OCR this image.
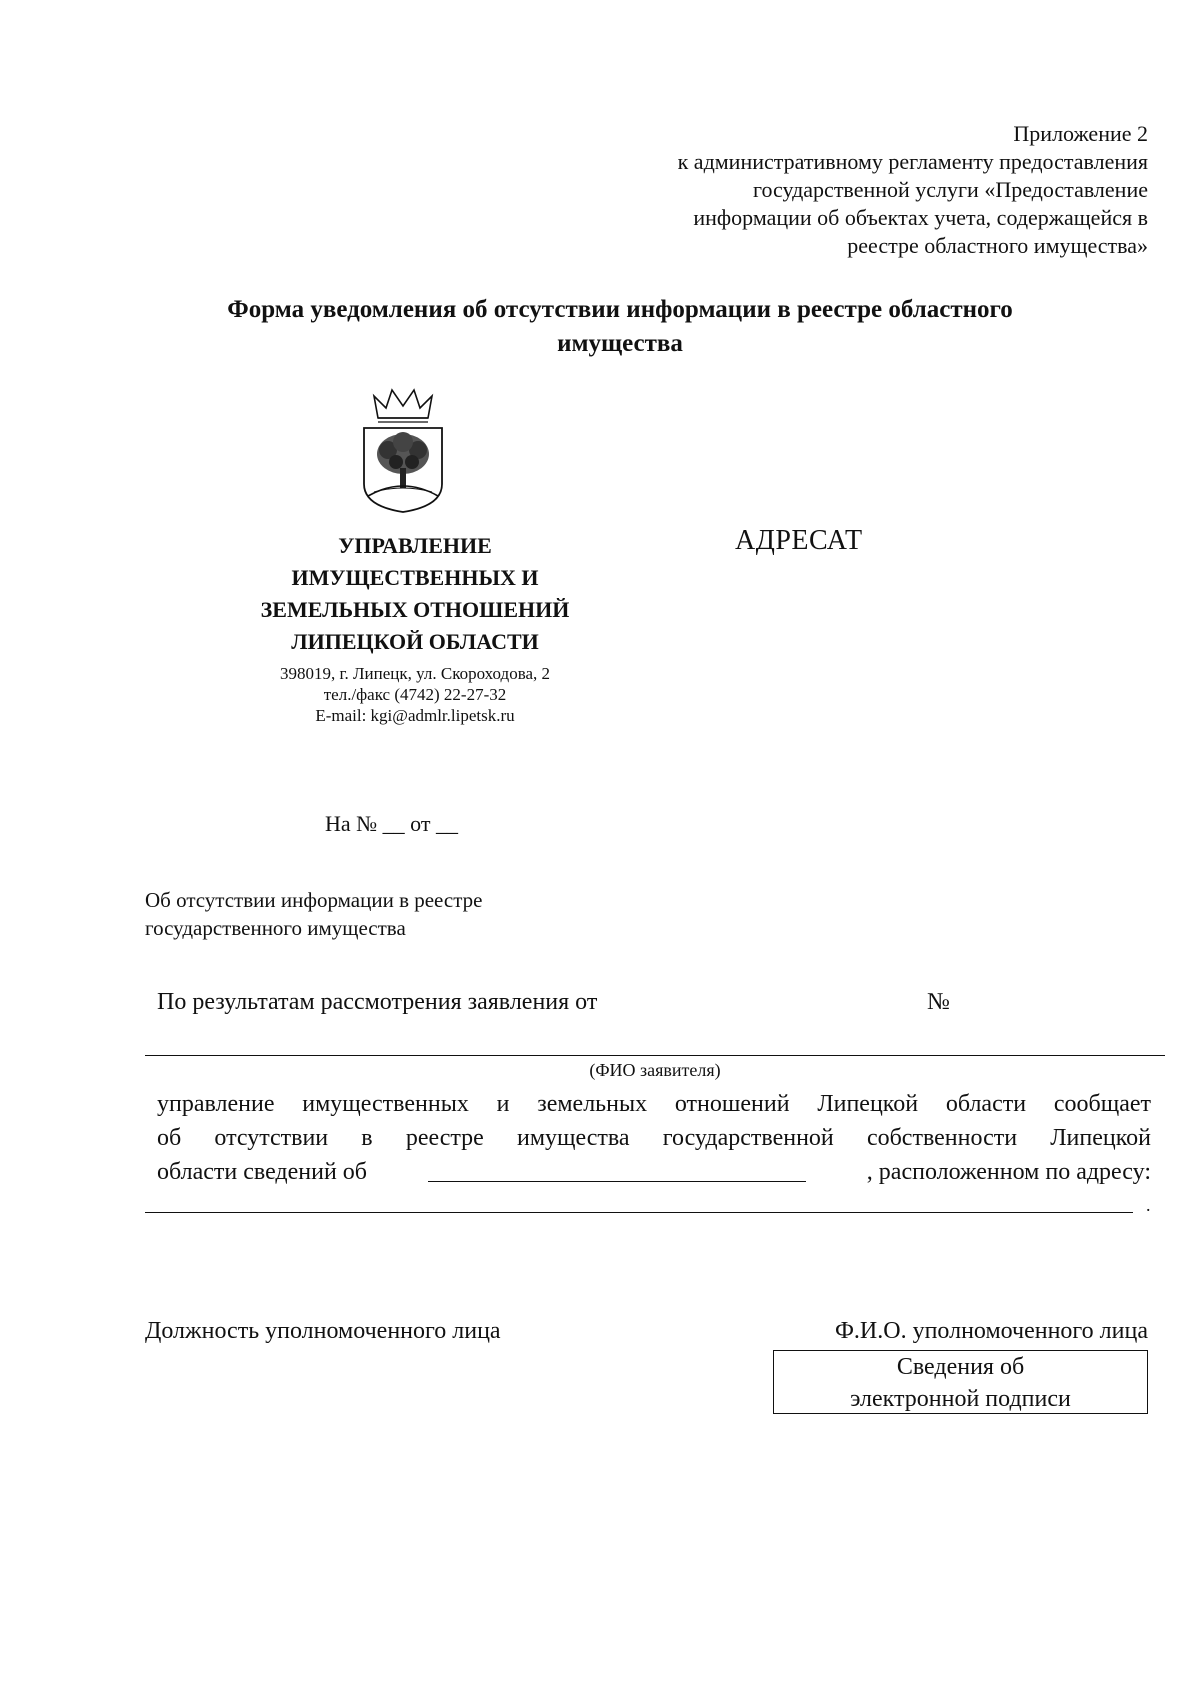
Приложение 2
к административному регламенту предоставления
государственной услуги «Предоставление
информации об объектах учета, содержащейся в
реестре областного имущества»
Форма уведомления об отсутствии информации в реестре областного
имущества
УПРАВЛЕНИЕ
ИМУЩЕСТВЕННЫХ И
ЗЕМЕЛЬНЫХ ОТНОШЕНИЙ
ЛИПЕЦКОЙ ОБЛАСТИ
398019, г. Липецк, ул. Скороходова, 2
тел./факс (4742) 22-27-32
E-mail: kgi@admlr.lipetsk.ru
АДРЕСАТ
На № __ от __
Об отсутствии информации в реестре
государственного имущества
По результатам рассмотрения заявления от	№
(ФИО заявителя)
управление имущественных и земельных отношений Липецкой области сообщает
об отсутствии в реестре имущества государственной собственности Липецкой
области сведений об	, расположенном по адресу:
.
Должность уполномоченного лица	Ф.И.О. уполномоченного лица
Сведения об
электронной подписи
